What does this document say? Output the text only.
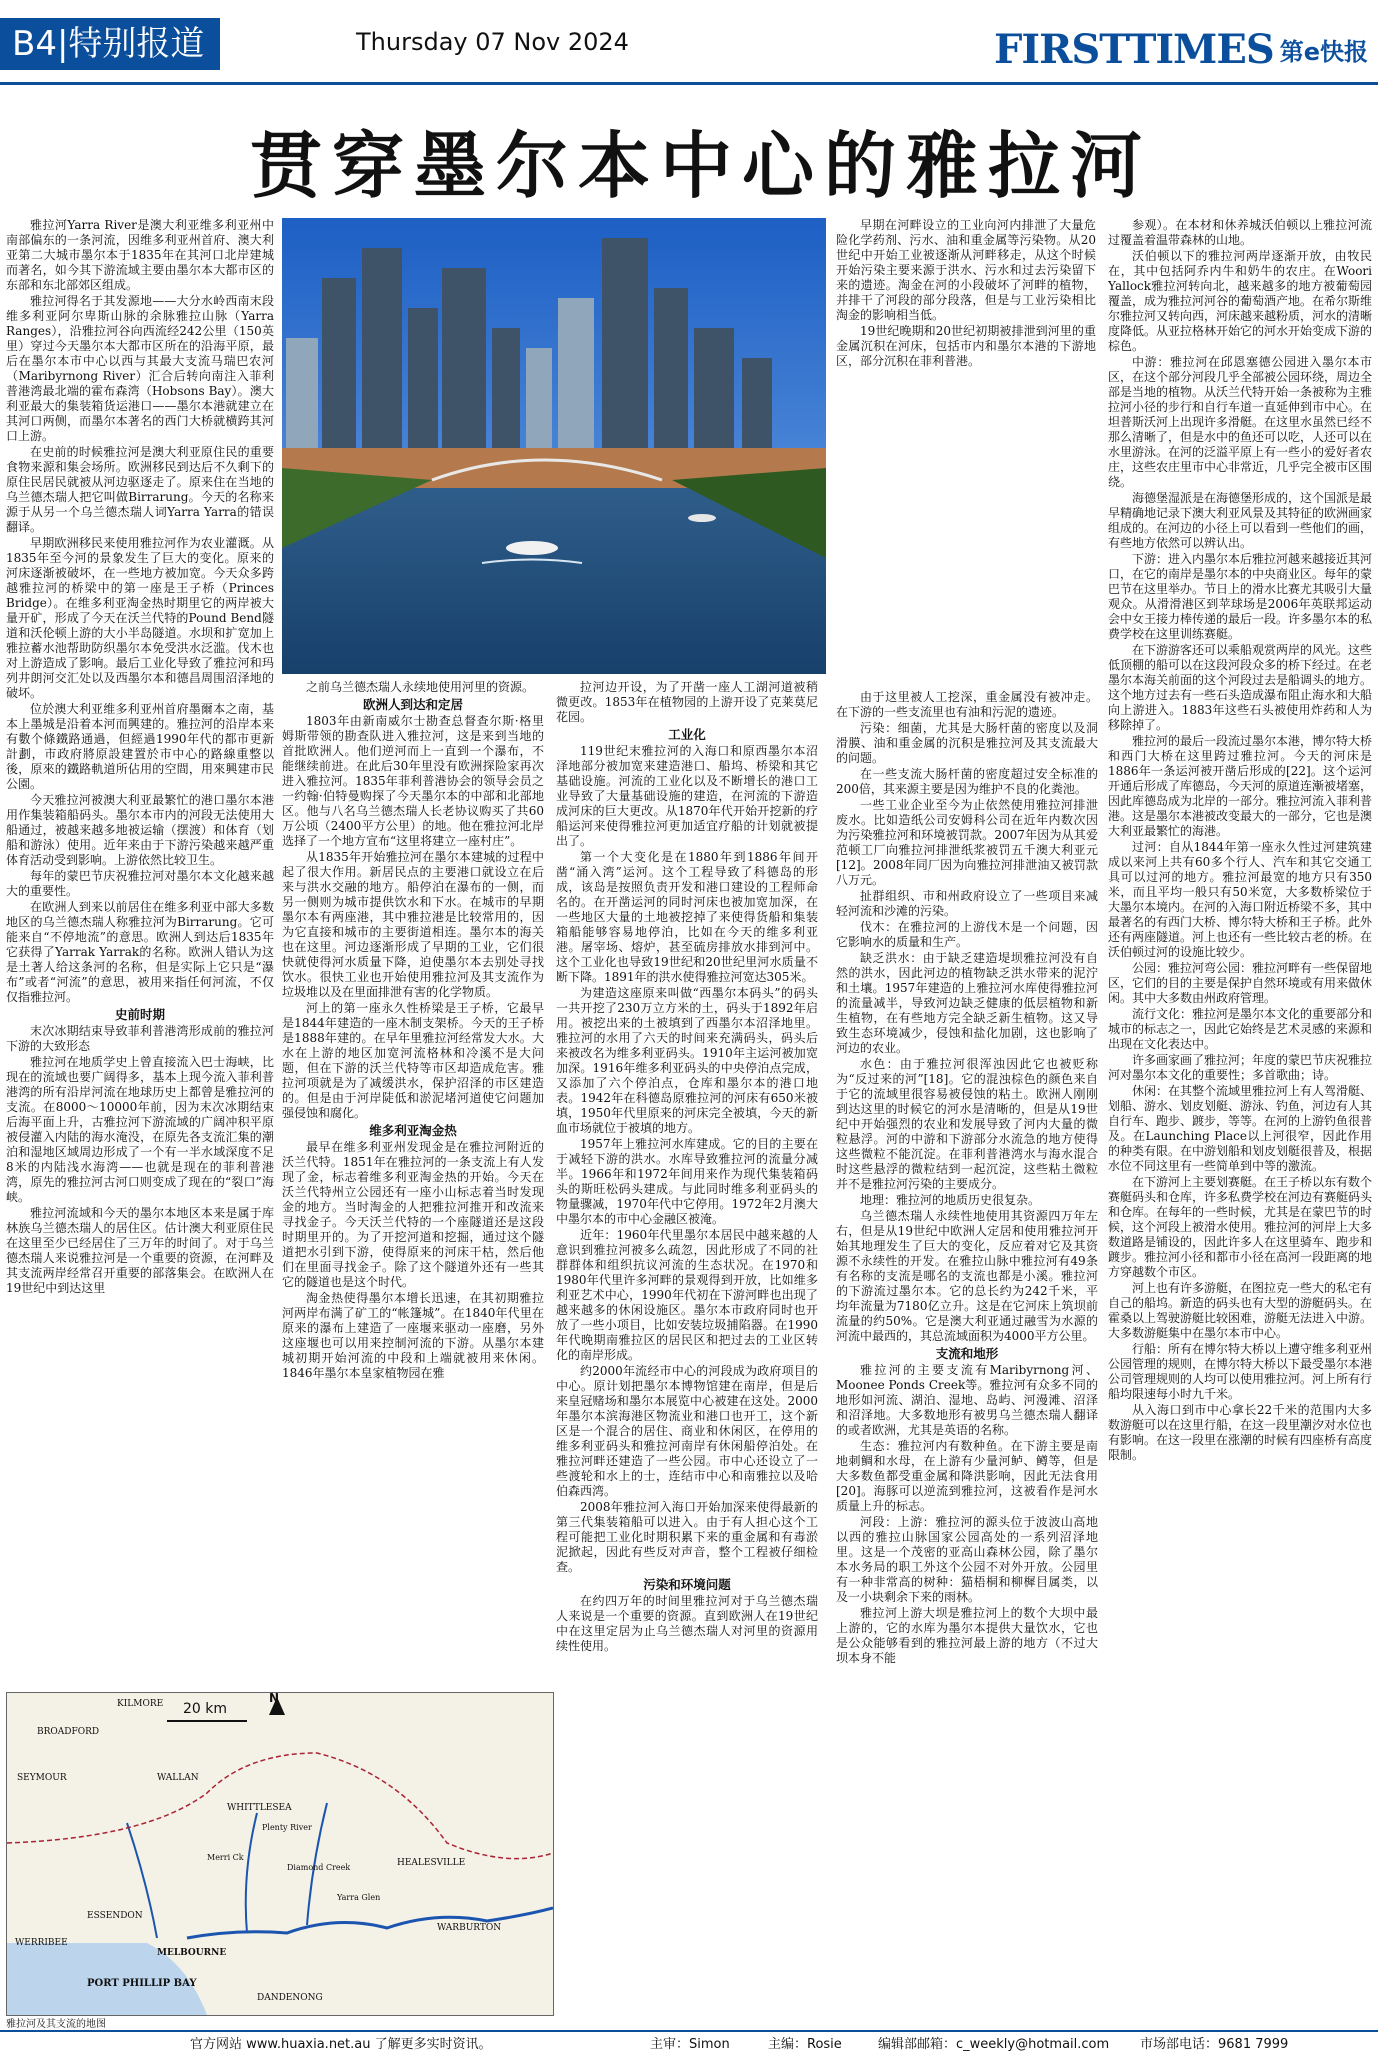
B4|特别报道	Thursday 07 Nov 2024	FIRSTTIMES 第e快报
贯穿墨尔本中心的雅拉河

雅拉河Yarra River是澳大利亚维多利亚州中南部偏东的一条河流，因维多利亚州首府、澳大利亚第二大城市墨尔本于1835年在其河口北岸建城而著名，如今其下游流域主要由墨尔本大都市区的东部和东北部郊区组成。

雅拉河得名于其发源地——大分水岭西南末段维多利亚阿尔卑斯山脉的余脉雅拉山脉（Yarra Ranges），沿雅拉河谷向西流经242公里（150英里）穿过今天墨尔本大都市区所在的沿海平原，最后在墨尔本市中心以西与其最大支流马瑞巴农河（Maribyrnong River）汇合后转向南注入菲利普港湾最北端的霍布森湾（Hobsons Bay）。澳大利亚最大的集装箱货运港口——墨尔本港就建立在其河口两侧，而墨尔本著名的西门大桥就横跨其河口上游。

在史前的时候雅拉河是澳大利亚原住民的重要食物来源和集会场所。欧洲移民到达后不久剩下的原住民居民就被从河边驱逐走了。原来住在当地的乌兰德杰瑞人把它叫做Birrarung。今天的名称来源于从另一个乌兰德杰瑞人词Yarra Yarra的错误翻译。

早期欧洲移民来使用雅拉河作为农业灌溉。从1835年至今河的景象发生了巨大的变化。原来的河床逐渐被破坏，在一些地方被加宽。今天众多跨越雅拉河的桥梁中的第一座是王子桥（Princes Bridge）。在维多利亚淘金热时期里它的两岸被大量开矿，形成了今天在沃兰代特的Pound Bend隧道和沃伦顿上游的大小半岛隧道。水坝和扩宽加上雅拉蓄水池帮助防织墨尔本免受洪水泛滥。伐木也对上游造成了影响。最后工业化导致了雅拉河和玛列井朗河交汇处以及西墨尔本和德昌周围沼泽地的破坏。

位於澳大利亚维多利亚州首府墨爾本之南，基本上墨城是沿着本河而興建的。雅拉河的沿岸本来有數个條鐵路通過，但經過1990年代的都市更新計劃，市政府將原設建置於市中心的路線重整以後，原來的鐵路軌道所佔用的空間，用來興建市民公園。

今天雅拉河被澳大利亚最繁忙的港口墨尔本港用作集装箱船码头。墨尔本市内的河段无法使用大船通过，被越来越多地被运输（摆渡）和体育（划船和游泳）使用。近年来由于下游污染越来越严重体育活动受到影响。上游依然比较卫生。

每年的蒙巴节庆祝雅拉河对墨尔本文化越来越大的重要性。

在欧洲人到来以前居住在维多利亚中部大多数地区的乌兰德杰瑞人称雅拉河为Birrarung。它可能来自“不停地流”的意思。欧洲人到达后1835年它获得了Yarrak Yarrak的名称。欧洲人错认为这是土著人给这条河的名称，但是实际上它只是“瀑布”或者“河流”的意思，被用来指任何河流，不仅仅指雅拉河。

史前时期

末次冰期结束导致菲利普港湾形成前的雅拉河下游的大致形态

雅拉河在地质学史上曾直接流入巴士海峡，比现在的流域也要广阔得多，基本上现今流入菲利普港湾的所有沿岸河流在地球历史上都曾是雅拉河的支流。在8000～10000年前，因为末次冰期结束后海平面上升，古雅拉河下游流域的广阔冲积平原被侵灌入内陆的海水淹没，在原先各支流汇集的潮泊和湿地区域周边形成了一个有一半水域深度不足8米的内陆浅水海湾——也就是现在的菲利普港湾，原先的雅拉河古河口则变成了现在的“裂口”海峡。

雅拉河流域和今天的墨尔本地区本来是属于库林族乌兰德杰瑞人的居住区。估计澳大利亚原住民在这里至少已经居住了三万年的时间了。对于乌兰德杰瑞人来说雅拉河是一个重要的资源，在河畔及其支流两岸经常召开重要的部落集会。在欧洲人在19世纪中到达这里

之前乌兰德杰瑞人永续地使用河里的资源。

欧洲人到达和定居

1803年由新南威尔士勘查总督查尔斯·格里姆斯带领的勘查队进入雅拉河，这是来到当地的首批欧洲人。他们逆河而上一直到一个瀑布，不能继续前进。在此后30年里没有欧洲探险家再次进入雅拉河。1835年菲利普港协会的领导会员之一约翰·伯特曼购探了今天墨尔本的中部和北部地区。他与八名乌兰德杰瑞人长老协议购买了共60万公顷（2400平方公里）的地。他在雅拉河北岸选择了一个地方宣布“这里将建立一座村庄”。

从1835年开始雅拉河在墨尔本建城的过程中起了很大作用。新居民点的主要港口就设立在后来与洪水交融的地方。船停泊在瀑布的一侧，而另一侧则为城市提供饮水和下水。在城市的早期墨尔本有两座港，其中雅拉港是比较常用的，因为它直接和城市的主要街道相连。墨尔本的海关也在这里。河边逐渐形成了早期的工业，它们很快就使得河水质量下降，迫使墨尔本去别处寻找饮水。很快工业也开始使用雅拉河及其支流作为垃圾堆以及在里面排泄有害的化学物质。

河上的第一座永久性桥梁是王子桥，它最早是1844年建造的一座木制支架桥。今天的王子桥是1888年建的。在早年里雅拉河经常发大水。大水在上游的地区加宽河流格林和冷溪不是大问题，但在下游的沃兰代特等市区却造成危害。雅拉河项就是为了减缓洪水，保护沼泽的市区建造的。但是由于河岸陡低和淤泥堵河道使它问题加强侵蚀和腐化。

维多利亚淘金热

最早在维多利亚州发现金是在雅拉河附近的沃兰代特。1851年在雅拉河的一条支流上有人发现了金，标志着维多利亚淘金热的开始。今天在沃兰代特州立公园还有一座小山标志着当时发现金的地方。当时淘金的人把雅拉河推开和改流来寻找金子。今天沃兰代特的一个座隧道还是这段时期里开的。为了开挖河道和挖掘，通过这个隧道把水引到下游，使得原来的河床干枯，然后他们在里面寻找金子。除了这个隧道外还有一些其它的隧道也是这个时代。

淘金热使得墨尔本增长迅速，在其初期雅拉河两岸布满了矿工的“帐篷城”。在1840年代里在原来的瀑布上建造了一座堰来驱动一座磨，另外这座堰也可以用来控制河流的下游。从墨尔本建城初期开始河流的中段和上端就被用来休闲。1846年墨尔本皇家植物园在雅

拉河边开设，为了开凿一座人工湖河道被稍微更改。1853年在植物园的上游开设了克莱莫尼花园。

工业化

119世纪末雅拉河的入海口和原西墨尔本沼泽地部分被加宽来建造港口、船坞、桥梁和其它基础设施。河流的工业化以及不断增长的港口工业导致了大量基础设施的建造，在河流的下游造成河床的巨大更改。从1870年代开始开挖新的疗船运河来使得雅拉河更加适宜疗船的计划就被提出了。

第一个大变化是在1880年到1886年间开凿“涌入湾”运河。这个工程导致了科德岛的形成，该岛是按照负责开发和港口建设的工程师命名的。在开凿运河的同时河床也被加宽加深，在一些地区大量的土地被挖掉了来使得货船和集装箱船能够容易地停泊，比如在今天的维多利亚港。屠宰场、熔炉，甚至硫房排放水排到河中。这个工业化也导致19世纪和20世纪里河水质量不断下降。1891年的洪水使得雅拉河宽达305米。

为建造这座原来叫做“西墨尔本码头”的码头一共开挖了230万立方米的土，码头于1892年启用。被挖出来的土被填到了西墨尔本沼泽地里。雅拉河的水用了六天的时间来充满码头，码头后来被改名为维多利亚码头。1910年主运河被加宽加深。1916年维多利亚码头的中央停泊点完成，又添加了六个停泊点，仓库和墨尔本的港口地表。1942年在科德岛原雅拉河的河床有650米被填，1950年代里原来的河床完全被填，今天的新血市场就位于被填的地方。

1957年上雅拉河水库建成。它的目的主要在于减轻下游的洪水。水库导致雅拉河的流量分减半。1966年和1972年间用来作为现代集装箱码头的斯旺松码头建成。与此同时维多利亚码头的物量骤减，1970年代中它停用。1972年2月澳大中墨尔本的市中心金融区被淹。

近年：1960年代里墨尔本居民中越来越的人意识到雅拉河被多么疏忽，因此形成了不同的社群群体和组织抗议河流的生态状况。在1970和1980年代里许多河畔的景观得到开放，比如维多利亚艺术中心，1990年代初在下游河畔也出现了越来越多的休闲设施区。墨尔本市政府同时也开放了一些小项目，比如安装垃圾捕陷器。在1990年代晚期南雅拉区的居民区和把过去的工业区转化的南岸形成。

约2000年流经市中心的河段成为政府项目的中心。原计划把墨尔本博物馆建在南岸，但是后来皇冠赌场和墨尔本展览中心被建在这处。2000年墨尔本滨海港区物流业和港口也开工，这个新区是一个混合的居住、商业和休闲区，在停用的维多利亚码头和雅拉河南岸有休闲船停泊处。在雅拉河畔还建造了一些公园。市中心还设立了一些渡轮和水上的士，连结市中心和南雅拉以及哈伯森西湾。

2008年雅拉河入海口开始加深来使得最新的第三代集装箱船可以进入。由于有人担心这个工程可能把工业化时期积累下来的重金属和有毒淤泥掀起，因此有些反对声音，整个工程被仔细检查。

污染和环境问题

在约四万年的时间里雅拉河对于乌兰德杰瑞人来说是一个重要的资源。直到欧洲人在19世纪中在这里定居为止乌兰德杰瑞人对河里的资源用续性使用。

早期在河畔设立的工业向河内排泄了大量危险化学药剂、污水、油和重金属等污染物。从20世纪中开始工业被逐渐从河畔移走，从这个时候开始污染主要来源于洪水、污水和过去污染留下来的遗迹。淘金在河的小段破坏了河畔的植物，并排干了河段的部分段落，但是与工业污染相比淘金的影响相当低。

19世纪晚期和20世纪初期被排泄到河里的重金属沉积在河床，包括市内和墨尔本港的下游地区，部分沉积在菲利普港。

由于这里被人工挖深，重金属没有被冲走。在下游的一些支流里也有油和污泥的遗迹。

污染：细菌，尤其是大肠杆菌的密度以及洞滑膜、油和重金属的沉积是雅拉河及其支流最大的问题。

在一些支流大肠杆菌的密度超过安全标准的200倍，其来源主要是因为维护不良的化粪池。

一些工业企业至今为止依然使用雅拉河排泄废水。比如造纸公司安姆科公司在近年内数次因为污染雅拉河和环境被罚款。2007年因为从其爱范顿工厂向雅拉河排泄纸浆被罚五千澳大利亚元[12]。2008年同厂因为向雅拉河排泄油又被罚款八万元。

扯群组织、市和州政府设立了一些项目来减轻河流和沙滩的污染。

伐木：在雅拉河的上游伐木是一个问题，因它影响水的质量和生产。

缺乏洪水：由于缺乏建造堤坝雅拉河没有自然的洪水，因此河边的植物缺乏洪水带来的泥泞和土壤。1957年建造的上雅拉河水库使得雅拉河的流量减半，导致河边缺乏健康的低层植物和新生植物，在有些地方完全缺乏新生植物。这又导致生态环境减少，侵蚀和盐化加剧，这也影响了河边的农业。

水色：由于雅拉河很浑浊因此它也被贬称为“反过来的河”[18]。它的混浊棕色的颜色来自于它的流域里很容易被侵蚀的粘土。欧洲人刚刚到达这里的时候它的河水是清晰的，但是从19世纪中开始强烈的农业和发展导致了河内大量的微粒悬浮。河的中游和下游部分水流急的地方使得这些微粒不能沉淀。在菲利普港湾水与海水混合时这些悬浮的微粒结到一起沉淀，这些粘土微粒并不是雅拉河污染的主要成分。

地理：雅拉河的地质历史很复杂。

乌兰德杰瑞人永续性地使用其资源四万年左右，但是从19世纪中欧洲人定居和使用雅拉河开始其地理发生了巨大的变化，反应着对它及其资源不永续性的开发。在雅拉山脉中雅拉河有49条有名称的支流是哪名的支流也都是小溪。雅拉河的下游流过墨尔本。它的总长约为242千米，平均年流量为7180亿立升。这是在它河床上筑坝前流量的约50%。它是澳大利亚通过融雪为水源的河流中最西的，其总流域面积为4000平方公里。

支流和地形

雅拉河的主要支流有Maribyrnong河、Moonee Ponds Creek等。雅拉河有众多不同的地形如河流、湖泊、湿地、岛屿、河漫滩、沼泽和沼泽地。大多数地形有被男乌兰德杰瑞人翻译的或者欧洲，尤其是英语的名称。

生态：雅拉河内有数种鱼。在下游主要是南地刺鲷和水母，在上游有少量河鲈、鳟等，但是大多数鱼都受重金属和降洪影响，因此无法食用[20]。海豚可以逆流到雅拉河，这被看作是河水质量上升的标志。

河段：上游：雅拉河的源头位于波波山高地以西的雅拉山脉国家公园高处的一系列沼泽地里。这是一个茂密的亚高山森林公园，除了墨尔本水务局的职工外这个公园不对外开放。公园里有一种非常高的树种：猫梧桐和柳樨目属类，以及一小块剩余下来的雨林。

雅拉河上游大坝是雅拉河上的数个大坝中最上游的，它的水库为墨尔本提供大量饮水，它也是公众能够看到的雅拉河最上游的地方（不过大坝本身不能

参观）。在本材和休养城沃伯顿以上雅拉河流过覆盖着温带森林的山地。

沃伯顿以下的雅拉河两岸逐渐开放，由牧民在，其中包括阿乔内牛和奶牛的农庄。在Woori Yallock雅拉河转向北，越来越多的地方被葡萄园覆盖，成为雅拉河河谷的葡萄酒产地。在希尔斯维尔雅拉河又转向西，河床越来越粉质，河水的清晰度降低。从亚拉格林开始它的河水开始变成下游的棕色。

中游：雅拉河在邱恩塞德公园进入墨尔本市区，在这个部分河段几乎全部被公园环绕，周边全部是当地的植物。从沃兰代特开始一条被称为主雅拉河小径的步行和自行车道一直延伸到市中心。在坦普斯沃河上出现许多滑艇。在这里水虽然已经不那么清晰了，但是水中的鱼还可以吃，人还可以在水里游泳。在河的泛溢平原上有一些小的爱好者农庄，这些农庄里市中心非常近，几乎完全被市区围绕。

海德堡湿派是在海德堡形成的，这个国派是最早精确地记录下澳大利亚风景及其特征的欧洲画家组成的。在河边的小径上可以看到一些他们的画，有些地方依然可以辨认出。

下游：进入内墨尔本后雅拉河越来越接近其河口，在它的南岸是墨尔本的中央商业区。每年的蒙巴节在这里举办。节日上的滑水比赛尤其吸引大量观众。从滑滑港区到苹球场是2006年英联邦运动会中女王接力棒传递的最后一段。许多墨尔本的私费学校在这里训练赛艇。

在下游游客还可以乘船观赏两岸的风光。这些低顶棚的船可以在这段河段众多的桥下经过。在老墨尔本海关前面的这个河段过去是船调头的地方。这个地方过去有一些石头造成瀑布阻止海水和大船向上游进入。1883年这些石头被使用炸药和人为移除掉了。

雅拉河的最后一段流过墨尔本港，博尔特大桥和西门大桥在这里跨过雅拉河。今天的河床是1886年一条运河被开凿后形成的[22]。这个运河开通后形成了库德岛，今天河的原道连漸被堵塞，因此库德岛成为北岸的一部分。雅拉河流入菲利普港。这是墨尔本港被改变最大的一部分，它也是澳大利亚最繁忙的海港。

过河：自从1844年第一座永久性过河建筑建成以来河上共有60多个行人、汽车和其它交通工具可以过河的地方。雅拉河最宽的地方只有350米，而且平均一般只有50米宽，大多数桥梁位于大墨尔本境内。在河的入海口附近桥梁不多，其中最著名的有西门大桥、博尔特大桥和王子桥。此外还有两座隧道。河上也还有一些比较古老的桥。在沃伯顿过河的设施比较少。

公园：雅拉河弯公园：雅拉河畔有一些保留地区，它们的目的主要是保护自然环境或有用来做休闲。其中大多数由州政府管理。

流行文化：雅拉河是墨尔本文化的重要部分和城市的标志之一，因此它始终是艺术灵感的来源和出现在文化表达中。

许多画家画了雅拉河；年度的蒙巴节庆祝雅拉河对墨尔本文化的重要性；多首歌曲；诗。

休闲：在其整个流域里雅拉河上有人驾滑艇、划船、游水、划皮划艇、游泳、钓鱼，河边有人其自行车、跑步、踱步，等等。在河的上游钓鱼很普及。在Launching Place以上河很窄，因此作用的种类有限。在中游划船和划皮划艇很普及，根据水位不同这里有一些简单到中等的激流。

在下游河上主要划赛艇。在王子桥以东有数个赛艇码头和仓库，许多私费学校在河边有赛艇码头和仓库。在每年的一些时候，尤其是在蒙巴节的时候，这个河段上被滑水使用。雅拉河的河岸上大多数道路是铺设的，因此许多人在这里骑车、跑步和踱步。雅拉河小径和都市小径在高河一段距离的地方穿越数个市区。

河上也有许多游艇，在图拉克一些大的私宅有自己的船坞。新造的码头也有大型的游艇码头。在霍桑以上驾驶游艇比较困难，游艇无法进入中游。大多数游艇集中在墨尔本市中心。

行船：所有在博尔特大桥以上遭守维多利亚州公园管理的规则，在博尔特大桥以下最受墨尔本港公司管理规则的人均可以使用雅拉河。河上所有行船均限速每小时九千米。

从入海口到市中心拿长22千米的范围内大多数游艇可以在这里行船，在这一段里潮汐对水位也有影响。在这一段里在涨潮的时候有四座桥有高度限制。

20 km
N
KILMORE
BROADFORD
SEYMOUR	WALLAN
WHITTLESEA
HEALESVILLE
WARBURTON
ESSENDON
MELBOURNE
WERRIBEE
PORT PHILLIP BAY
DANDENONG
Yarra Glen
Diamond Creek
Merri Ck
Plenty River
雅拉河及其支流的地图
官方网站 www.huaxia.net.au 了解更多实时资讯。	主审：Simon	主编：Rosie	编辑部邮箱：c_weekly@hotmail.com 市场部电话：9681 7999
